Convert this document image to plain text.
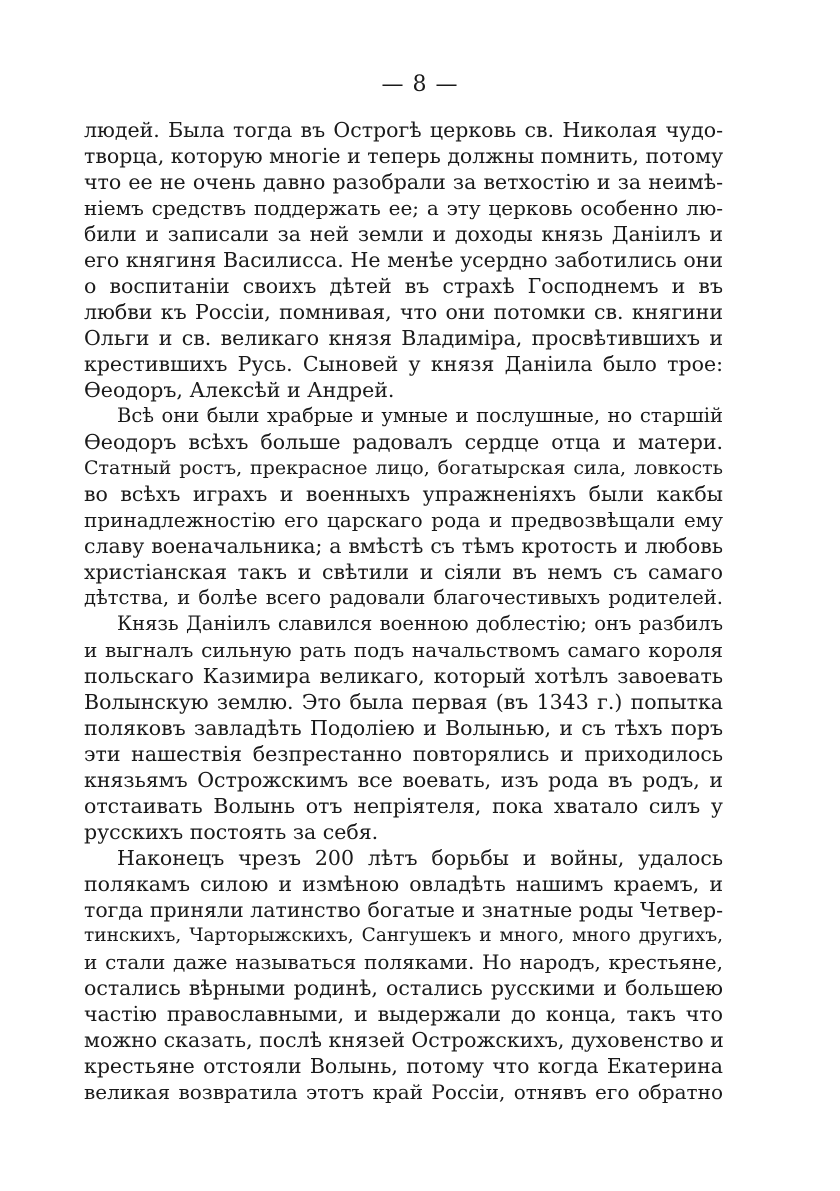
— 8 —
людей. Была тогда въ Острогѣ церковь св. Николая чудо-
творца, которую многіе и теперь должны помнить, потому
что ее не очень давно разобрали за ветхостію и за неимѣ-
ніемъ средствъ поддержать ее; а эту церковь особенно лю-
били и записали за ней земли и доходы князь Даніилъ и
его княгиня Василисса. Не менѣе усердно заботились они
о воспитаніи своихъ дѣтей въ страхѣ Господнемъ и въ
любви къ Россіи, помнивая, что они потомки св. княгини
Ольги и св. великаго князя Владиміра, просвѣтившихъ и
крестившихъ Русь. Сыновей у князя Даніила было трое:
Ѳеодоръ, Алексѣй и Андрей.
Всѣ они были храбрые и умные и послушные, но старшій
Ѳеодоръ всѣхъ больше радовалъ сердце отца и матери.
Статный ростъ, прекрасное лицо, богатырская сила, ловкость
во всѣхъ играхъ и военныхъ упражненіяхъ были какбы
принадлежностію его царскаго рода и предвозвѣщали ему
славу военачальника; а вмѣстѣ съ тѣмъ кротость и любовь
христіанская такъ и свѣтили и сіяли въ немъ съ самаго
дѣтства, и болѣе всего радовали благочестивыхъ родителей.
Князь Даніилъ славился военною доблестію; онъ разбилъ
и выгналъ сильную рать подъ начальствомъ самаго короля
польскаго Казимира великаго, который хотѣлъ завоевать
Волынскую землю. Это была первая (въ 1343 г.) попытка
поляковъ завладѣть Подоліею и Волынью, и съ тѣхъ поръ
эти нашествія безпрестанно повторялись и приходилось
князьямъ Острожскимъ все воевать, изъ рода въ родъ, и
отстаивать Волынь отъ непріятеля, пока хватало силъ у
русскихъ постоять за себя.
Наконецъ чрезъ 200 лѣтъ борьбы и войны, удалось
полякамъ силою и измѣною овладѣть нашимъ краемъ, и
тогда приняли латинство богатые и знатные роды Четвер-
тинскихъ, Чарторыжскихъ, Сангушекъ и много, много другихъ,
и стали даже называться поляками. Но народъ, крестьяне,
остались вѣрными родинѣ, остались русскими и большею
частію православными, и выдержали до конца, такъ что
можно сказать, послѣ князей Острожскихъ, духовенство и
крестьяне отстояли Волынь, потому что когда Екатерина
великая возвратила этотъ край Россіи, отнявъ его обратно
